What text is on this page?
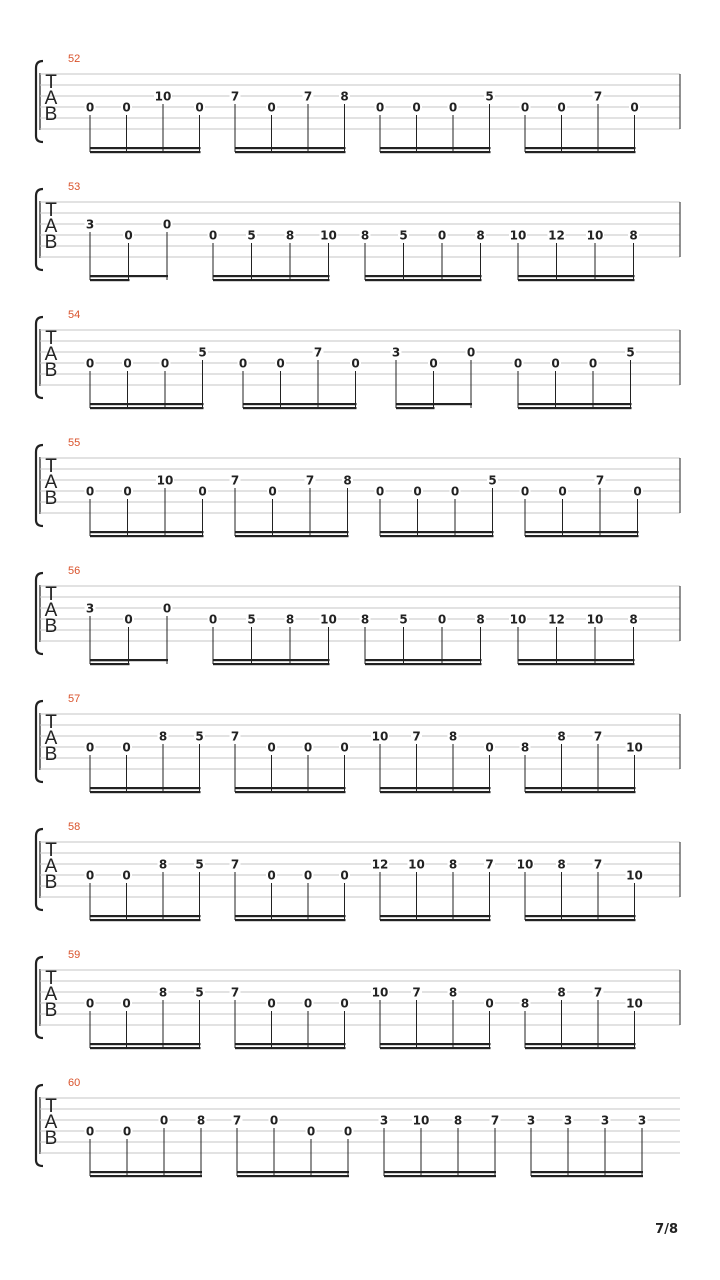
52
T
A
B 0 0
10
0
7
0
7 8
0 0 0
5
0 0
7
0
53
T
A
B
3
0
0
0	5	8 10 8	5	0	8 10 12 10 8
54
T
A
B 0 0 0
5
0 0
7
0
3
0
0
0 0 0
5
55
T
A
B 0 0
10
0
7
0
7 8
0 0 0
5
0 0
7
0
56
T
A
B
3
0
0
0	5	8 10 8	5	0	8 10 12 10 8
57
T
A
B 0 0
8 5 7
0 0 0
10 7 8
0 8
8 7
10
58
T
A
B 0 0
8 5 7
0 0 0
12 10 8 7 10 8 7
10
59
T
A
B 0 0
8 5 7
0 0 0
10 7 8
0 8
8 7
10
60
T
A
B 0 0
0 8 7 0
0 0
3 10 8 7 3 3 3 3
7/8
